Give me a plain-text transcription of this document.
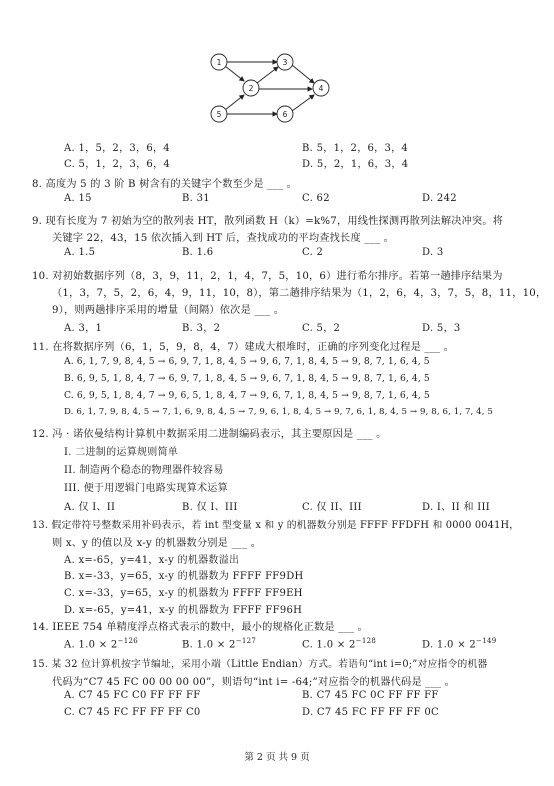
1
2
3
4
5	6
A. 1，5，2，3，6，4	B. 5，1，2，6，3，4
C. 5，1，2，3，6，4	D. 5，2，1，6，3，4
8. 高度为 5 的 3 阶 B 树含有的关键字个数至少是 ___ 。
A. 15	B. 31	C. 62	D. 242
9. 现有长度为 7 初始为空的散列表 HT，散列函数 H（k）=k%7，用线性探测再散列法解决冲突。将
关键字 22，43，15 依次插入到 HT 后，查找成功的平均查找长度 ___ 。
A. 1.5	B. 1.6	C. 2	D. 3
10. 对初始数据序列（8，3，9，11，2，1，4，7，5，10，6）进行希尔排序。若第一趟排序结果为
（1，3，7，5，2，6，4，9，11，10，8），第二趟排序结果为（1，2，6，4，3，7，5，8，11，10，
9），则两趟排序采用的增量（间隔）依次是 ___ 。
A. 3，1	B. 3，2	C. 5，2	D. 5，3
11. 在将数据序列（6，1，5，9，8，4，7）建成大根堆时，正确的序列变化过程是 ___ 。
A. 6, 1, 7, 9, 8, 4, 5 → 6, 9, 7, 1, 8, 4, 5 → 9, 6, 7, 1, 8, 4, 5 → 9, 8, 7, 1, 6, 4, 5
B. 6, 9, 5, 1, 8, 4, 7 → 6, 9, 7, 1, 8, 4, 5 → 9, 6, 7, 1, 8, 4, 5 → 9, 8, 7, 1, 6, 4, 5
C. 6, 9, 5, 1, 8, 4, 7 → 9, 6, 5, 1, 8, 4, 7 → 9, 6, 7, 1, 8, 4, 5 → 9, 8, 7, 1, 6, 4, 5
D. 6, 1, 7, 9, 8, 4, 5 → 7, 1, 6, 9, 8, 4, 5 → 7, 9, 6, 1, 8, 4, 5 → 9, 7, 6, 1, 8, 4, 5 → 9, 8, 6, 1, 7, 4, 5
12. 冯 · 诺依曼结构计算机中数据采用二进制编码表示，其主要原因是 ___ 。
I. 二进制的运算规则简单
II. 制造两个稳态的物理器件较容易
III. 便于用逻辑门电路实现算术运算
A. 仅 I、II	B. 仅 I、III	C. 仅 II、III	D. I、II 和 III
13. 假定带符号整数采用补码表示，若 int 型变量 x 和 y 的机器数分别是 FFFF FFDFH 和 0000 0041H，
则 x、y 的值以及 x-y 的机器数分别是 ___ 。
A. x=-65，y=41，x-y 的机器数溢出
B. x=-33，y=65，x-y 的机器数为 FFFF FF9DH
C. x=-33，y=65，x-y 的机器数为 FFFF FF9EH
D. x=-65，y=41，x-y 的机器数为 FFFF FF96H
14. IEEE 754 单精度浮点格式表示的数中，最小的规格化正数是 ___ 。
A. $1.0 \times 2^{-126}$	B. $1.0 \times 2^{-127}$	C. $1.0 \times 2^{-128}$	D. $1.0 \times 2^{-149}$
15. 某 32 位计算机按字节编址，采用小端（Little Endian）方式。若语句“int i=0;”对应指令的机器
代码为“C7 45 FC 00 00 00 00”，则语句“int i= -64;”对应指令的机器代码是 ___ 。
A. C7 45 FC C0 FF FF FF	B. C7 45 FC 0C FF FF FF
C. C7 45 FC FF FF FF C0	D. C7 45 FC FF FF FF 0C
第 2 页 共 9 页
